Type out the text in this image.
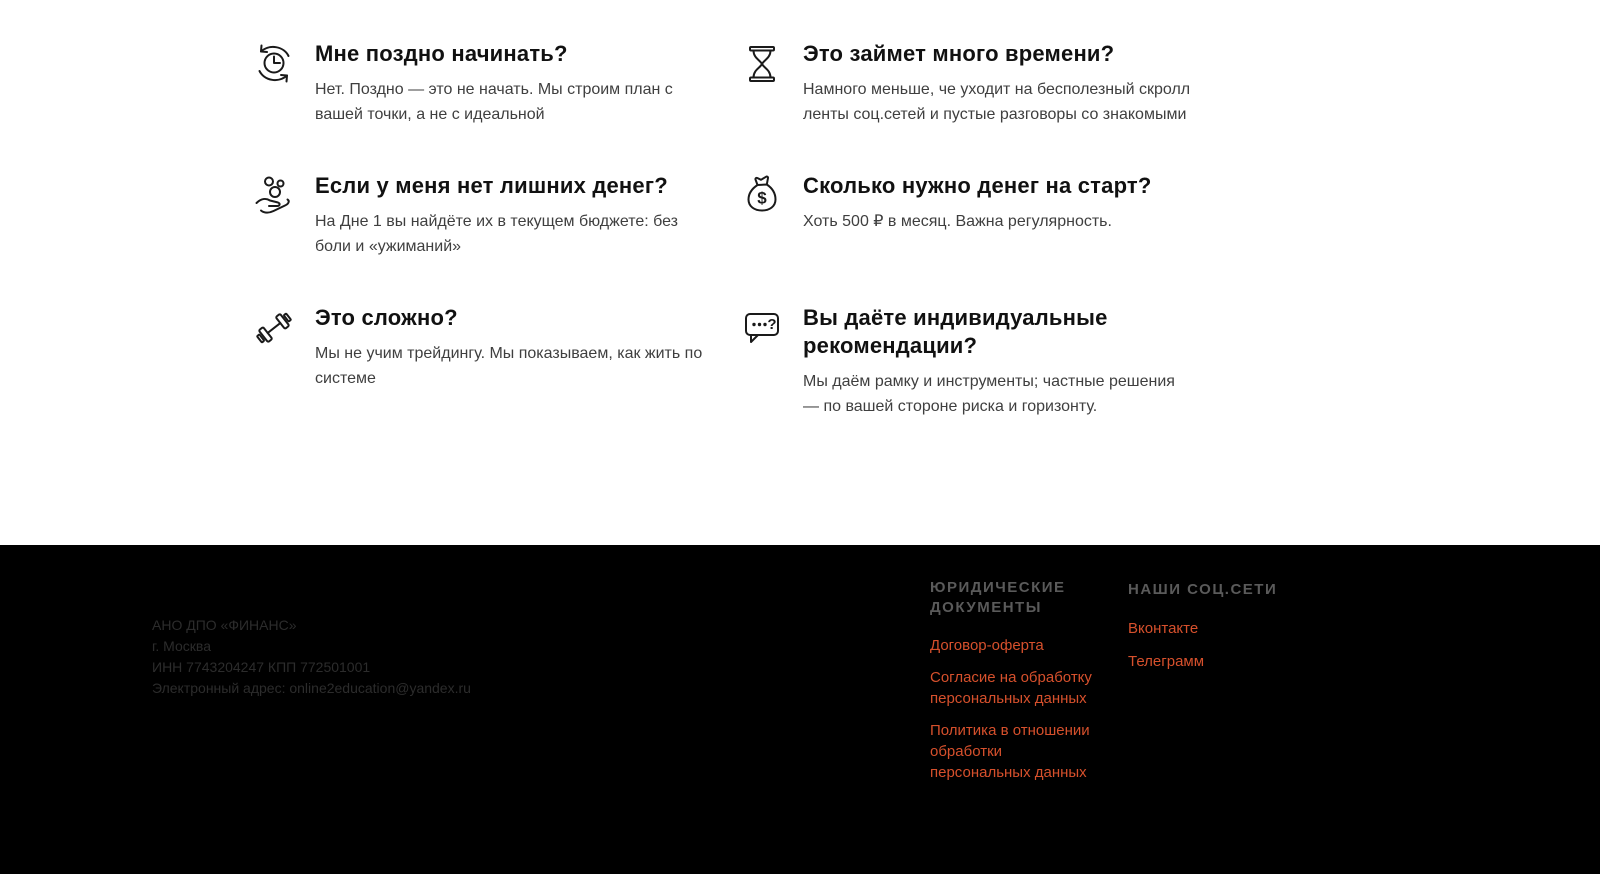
Мне поздно начинать?
Нет. Поздно — это не начать. Мы строим план с вашей точки, а не с идеальной
Это займет много времени?
Намного меньше, че уходит на бесполезный скролл ленты соц.сетей и пустые разговоры со знакомыми
Если у меня нет лишних денег?
На Дне 1 вы найдёте их в текущем бюджете: без боли и «ужиманий»
$ Сколько нужно денег на старт?
Хоть 500 ₽ в месяц. Важна регулярность.
Это сложно?
Мы не учим трейдингу. Мы показываем, как жить по системе
? Вы даёте индивидуальные рекомендации?
Мы даём рамку и инструменты; частные решения — по вашей стороне риска и горизонту.
АНО ДПО «ФИНАНС»
г. Москва
ИНН 7743204247 КПП 772501001
Электронный адрес: online2education@yandex.ru
ЮРИДИЧЕСКИЕ ДОКУМЕНТЫ
Договор-оферта
Согласие на обработку персональных данных
Политика в отношении обработки персональных данных
НАШИ СОЦ.СЕТИ
Вконтакте
Телеграмм
